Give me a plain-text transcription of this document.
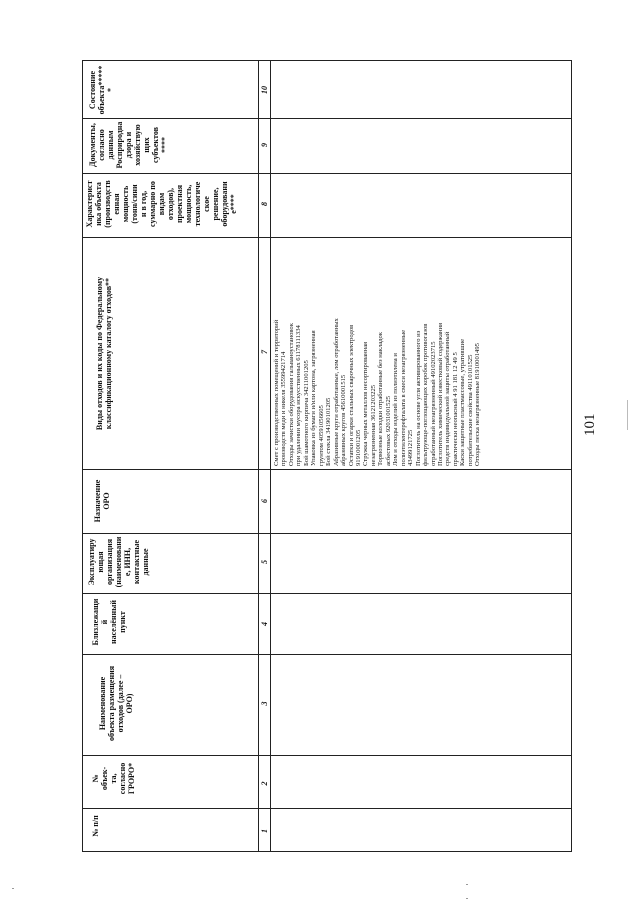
101
№ п/п
№
объек-
та,
согласно
ГРОРО*
Наименование
объекта размещения
отходов (далее –
ОРО)
Близлежащи
й
населённый
пункт
Эксплуатиру
ющая
организация
(наименовани
е, ИНН,
контактные
данные
Назначение
ОРО
Виды отходов и их коды по Федеральному
классификационному каталогу отходов**
Характерист
ика объекта
(производств
енная
мощность
(тонн/сини
н в год,
суммарно по
видам
отходов),
проектная
мощность,
технологиче
ское
решение,
оборудовани
e****
Документы,
согласно
данным
Росприроднa
дзора и
хозяйствую
щих
субъектов
****
Состояние
объекта*****
*
1
2
3
4
5
6
7
8
9
10
Смет с производственных помещений и территорий производств меди и никеля 35599421714 Отходы зачистки оборудования гальваноустановок при удалении мусора искусственных 61178111334 Бой шамотного кирпича 34211001205 Упаковка из бумаги и/или картона, загрязненная грунтом 40591056605 Бой стекла 34190101205 Абразивные круги отработанные, лом отработанных абразивных кругов 45610001515 Остатки и огарки стальных сварочных электродов 91910001205 Стружка черных металлов несортированная незагрязненная 36121203225 Тормозные колодки отработанные без накладок асбестовых 92031001525 Лом и отходы изделий из полиэтилена и полиэтилентерефталата в смеси незагрязненные 43499121725 Поглотитель на основе угля активированного из фильтрующе-поглощающих коробок противогазов отработанный незагрязненный 49102023715 Поглотитель химический известковый содержания средств индивидуальной защиты отработанный практически неопасный 4 91 181 12 49 5 Каски защитные пластмассовые, утратившие потребительские свойства 49110101525 Отходы песка незагрязненные 81910001495
